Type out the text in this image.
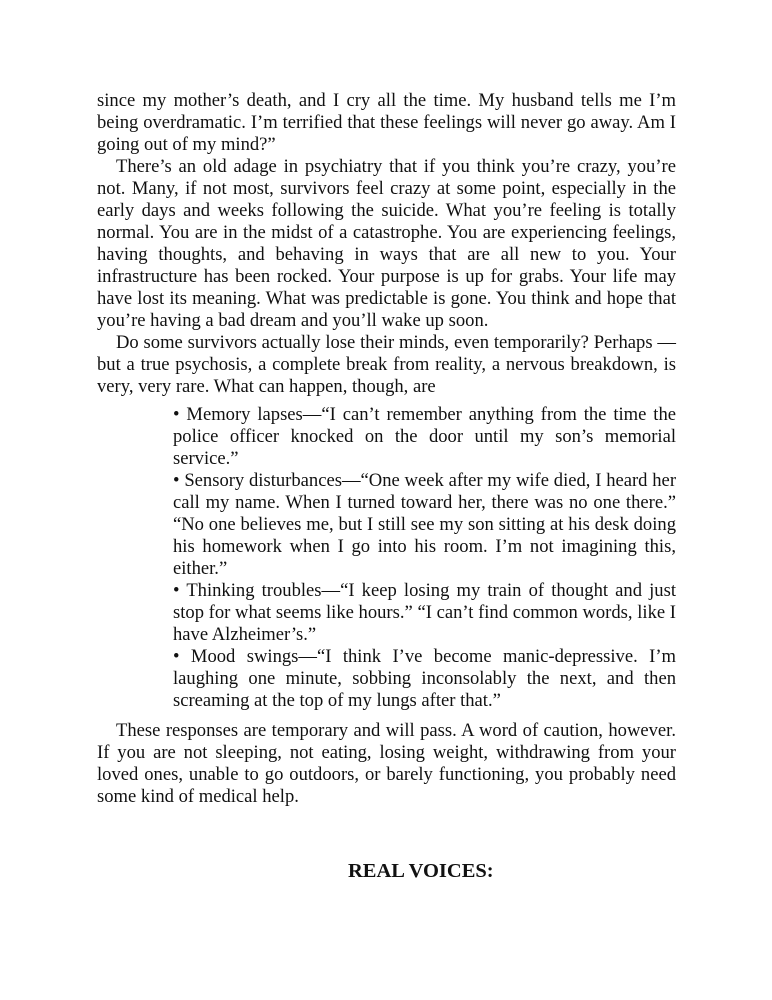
since my mother’s death, and I cry all the time. My husband tells me I’m being overdramatic. I’m terrified that these feelings will never go away. Am I going out of my mind?”

There’s an old adage in psychiatry that if you think you’re crazy, you’re not. Many, if not most, survivors feel crazy at some point, especially in the early days and weeks following the suicide. What you’re feeling is totally normal. You are in the midst of a catastrophe. You are experiencing feelings, having thoughts, and behaving in ways that are all new to you. Your infrastructure has been rocked. Your purpose is up for grabs. Your life may have lost its meaning. What was predictable is gone. You think and hope that you’re having a bad dream and you’ll wake up soon.

Do some survivors actually lose their minds, even temporarily? Perhaps —but a true psychosis, a complete break from reality, a nervous breakdown, is very, very rare. What can happen, though, are

• Memory lapses—“I can’t remember anything from the time the police officer knocked on the door until my son’s memorial service.”
• Sensory disturbances—“One week after my wife died, I heard her call my name. When I turned toward her, there was no one there.” “No one believes me, but I still see my son sitting at his desk doing his homework when I go into his room. I’m not imagining this, either.”
• Thinking troubles—“I keep losing my train of thought and just stop for what seems like hours.” “I can’t find common words, like I have Alzheimer’s.”
• Mood swings—“I think I’ve become manic-depressive. I’m laughing one minute, sobbing inconsolably the next, and then screaming at the top of my lungs after that.”

These responses are temporary and will pass. A word of caution, however. If you are not sleeping, not eating, losing weight, withdrawing from your loved ones, unable to go outdoors, or barely functioning, you probably need some kind of medical help.

REAL VOICES:
